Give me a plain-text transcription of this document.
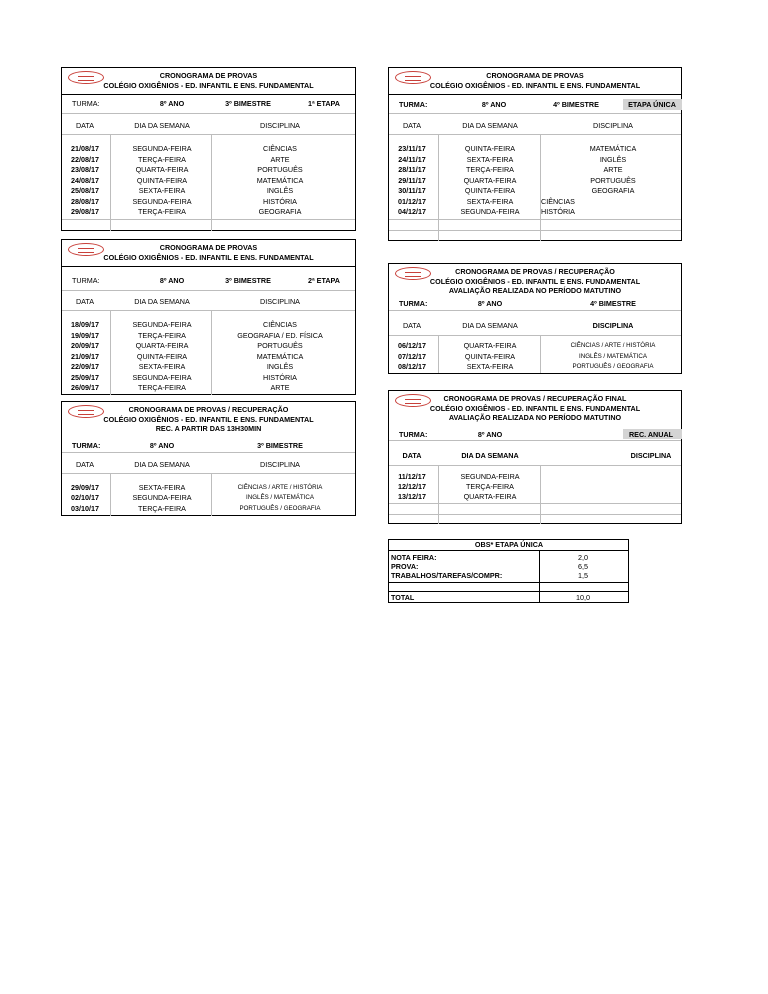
CRONOGRAMA DE PROVAS
COLÉGIO OXIGÊNIOS - ED. INFANTIL E ENS. FUNDAMENTAL
TURMA:	8º ANO	3º BIMESTRE	1ª ETAPA
DATA	DIA DA SEMANA	DISCIPLINA
21/08/17	SEGUNDA-FEIRA	CIÊNCIAS
22/08/17	TERÇA-FEIRA	ARTE
23/08/17	QUARTA-FEIRA	PORTUGUÊS
24/08/17	QUINTA-FEIRA	MATEMÁTICA
25/08/17	SEXTA-FEIRA	INGLÊS
28/08/17	SEGUNDA-FEIRA	HISTÓRIA
29/08/17	TERÇA-FEIRA	GEOGRAFIA
CRONOGRAMA DE PROVAS
COLÉGIO OXIGÊNIOS - ED. INFANTIL E ENS. FUNDAMENTAL
TURMA:	8º ANO	3º BIMESTRE	2ª ETAPA
DATA	DIA DA SEMANA	DISCIPLINA
18/09/17	SEGUNDA-FEIRA	CIÊNCIAS
19/09/17	TERÇA-FEIRA	GEOGRAFIA / ED. FÍSICA
20/09/17	QUARTA-FEIRA	PORTUGUÊS
21/09/17	QUINTA-FEIRA	MATEMÁTICA
22/09/17	SEXTA-FEIRA	INGLÊS
25/09/17	SEGUNDA-FEIRA	HISTÓRIA
26/09/17	TERÇA-FEIRA	ARTE
CRONOGRAMA DE PROVAS / RECUPERAÇÃO
COLÉGIO OXIGÊNIOS - ED. INFANTIL E ENS. FUNDAMENTAL
REC. A PARTIR DAS 13H30MIN
TURMA:	8º ANO	3º BIMESTRE
DATA	DIA DA SEMANA	DISCIPLINA
29/09/17	SEXTA-FEIRA	CIÊNCIAS / ARTE / HISTÓRIA
02/10/17	SEGUNDA-FEIRA	INGLÊS / MATEMÁTICA
03/10/17	TERÇA-FEIRA	PORTUGUÊS / GEOGRAFIA
CRONOGRAMA DE PROVAS
COLÉGIO OXIGÊNIOS - ED. INFANTIL E ENS. FUNDAMENTAL
TURMA:	8º ANO	4º BIMESTRE	ETAPA ÚNICA
DATA	DIA DA SEMANA	DISCIPLINA
23/11/17	QUINTA-FEIRA	MATEMÁTICA
24/11/17	SEXTA-FEIRA	INGLÊS
28/11/17	TERÇA-FEIRA	ARTE
29/11/17	QUARTA-FEIRA	PORTUGUÊS
30/11/17	QUINTA-FEIRA	GEOGRAFIA
01/12/17	SEXTA-FEIRA	CIÊNCIAS
04/12/17	SEGUNDA-FEIRA	HISTÓRIA
CRONOGRAMA DE PROVAS / RECUPERAÇÃO
COLÉGIO OXIGÊNIOS - ED. INFANTIL E ENS. FUNDAMENTAL
AVALIAÇÃO REALIZADA NO PERÍODO MATUTINO
TURMA:	8º ANO	4º BIMESTRE
DATA	DIA DA SEMANA	DISCIPLINA
06/12/17	QUARTA-FEIRA	CIÊNCIAS / ARTE / HISTÓRIA
07/12/17	QUINTA-FEIRA	INGLÊS / MATEMÁTICA
08/12/17	SEXTA-FEIRA	PORTUGUÊS / GEOGRAFIA
CRONOGRAMA DE PROVAS / RECUPERAÇÃO FINAL
COLÉGIO OXIGÊNIOS - ED. INFANTIL E ENS. FUNDAMENTAL
AVALIAÇÃO REALIZADA NO PERÍODO MATUTINO
TURMA:	8º ANO	REC. ANUAL
DATA	DIA DA SEMANA	DISCIPLINA
11/12/17	SEGUNDA-FEIRA
12/12/17	TERÇA-FEIRA
13/12/17	QUARTA-FEIRA
OBS* ETAPA ÚNICA
NOTA FEIRA:	2,0
PROVA:	6,5
TRABALHOS/TAREFAS/COMPR:	1,5
TOTAL	10,0
